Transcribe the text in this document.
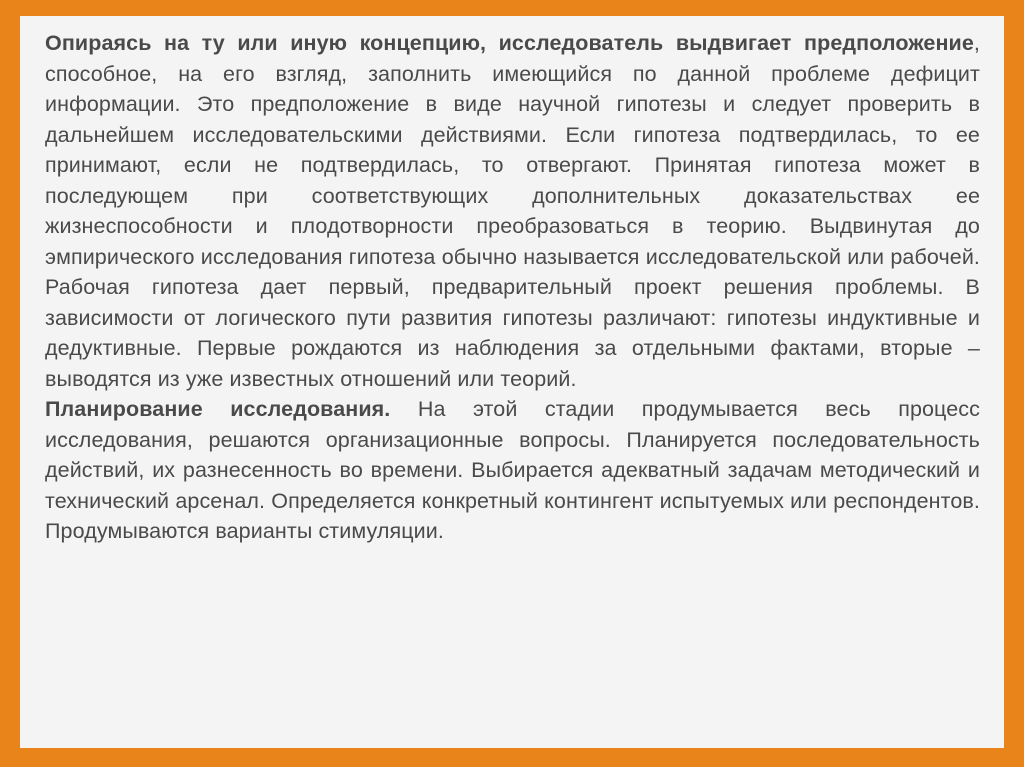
Опираясь на ту или иную концепцию, исследователь выдвигает предположение, способное, на его взгляд, заполнить имеющийся по данной проблеме дефицит информации. Это предположение в виде научной гипотезы и следует проверить в дальнейшем исследовательскими действиями. Если гипотеза подтвердилась, то ее принимают, если не подтвердилась, то отвергают. Принятая гипотеза может в последующем при соответствующих дополнительных доказательствах ее жизнеспособности и плодотворности преобразоваться в теорию. Выдвинутая до эмпирического исследования гипотеза обычно называется исследовательской или рабочей. Рабочая гипотеза дает первый, предварительный проект решения проблемы. В зависимости от логического пути развития гипотезы различают: гипотезы индуктивные и дедуктивные. Первые рождаются из наблюдения за отдельными фактами, вторые – выводятся из уже известных отношений или теорий.

Планирование исследования. На этой стадии продумывается весь процесс исследования, решаются организационные вопросы. Планируется последовательность действий, их разнесенность во времени. Выбирается адекватный задачам методический и технический арсенал. Определяется конкретный контингент испытуемых или респондентов. Продумываются варианты стимуляции.
